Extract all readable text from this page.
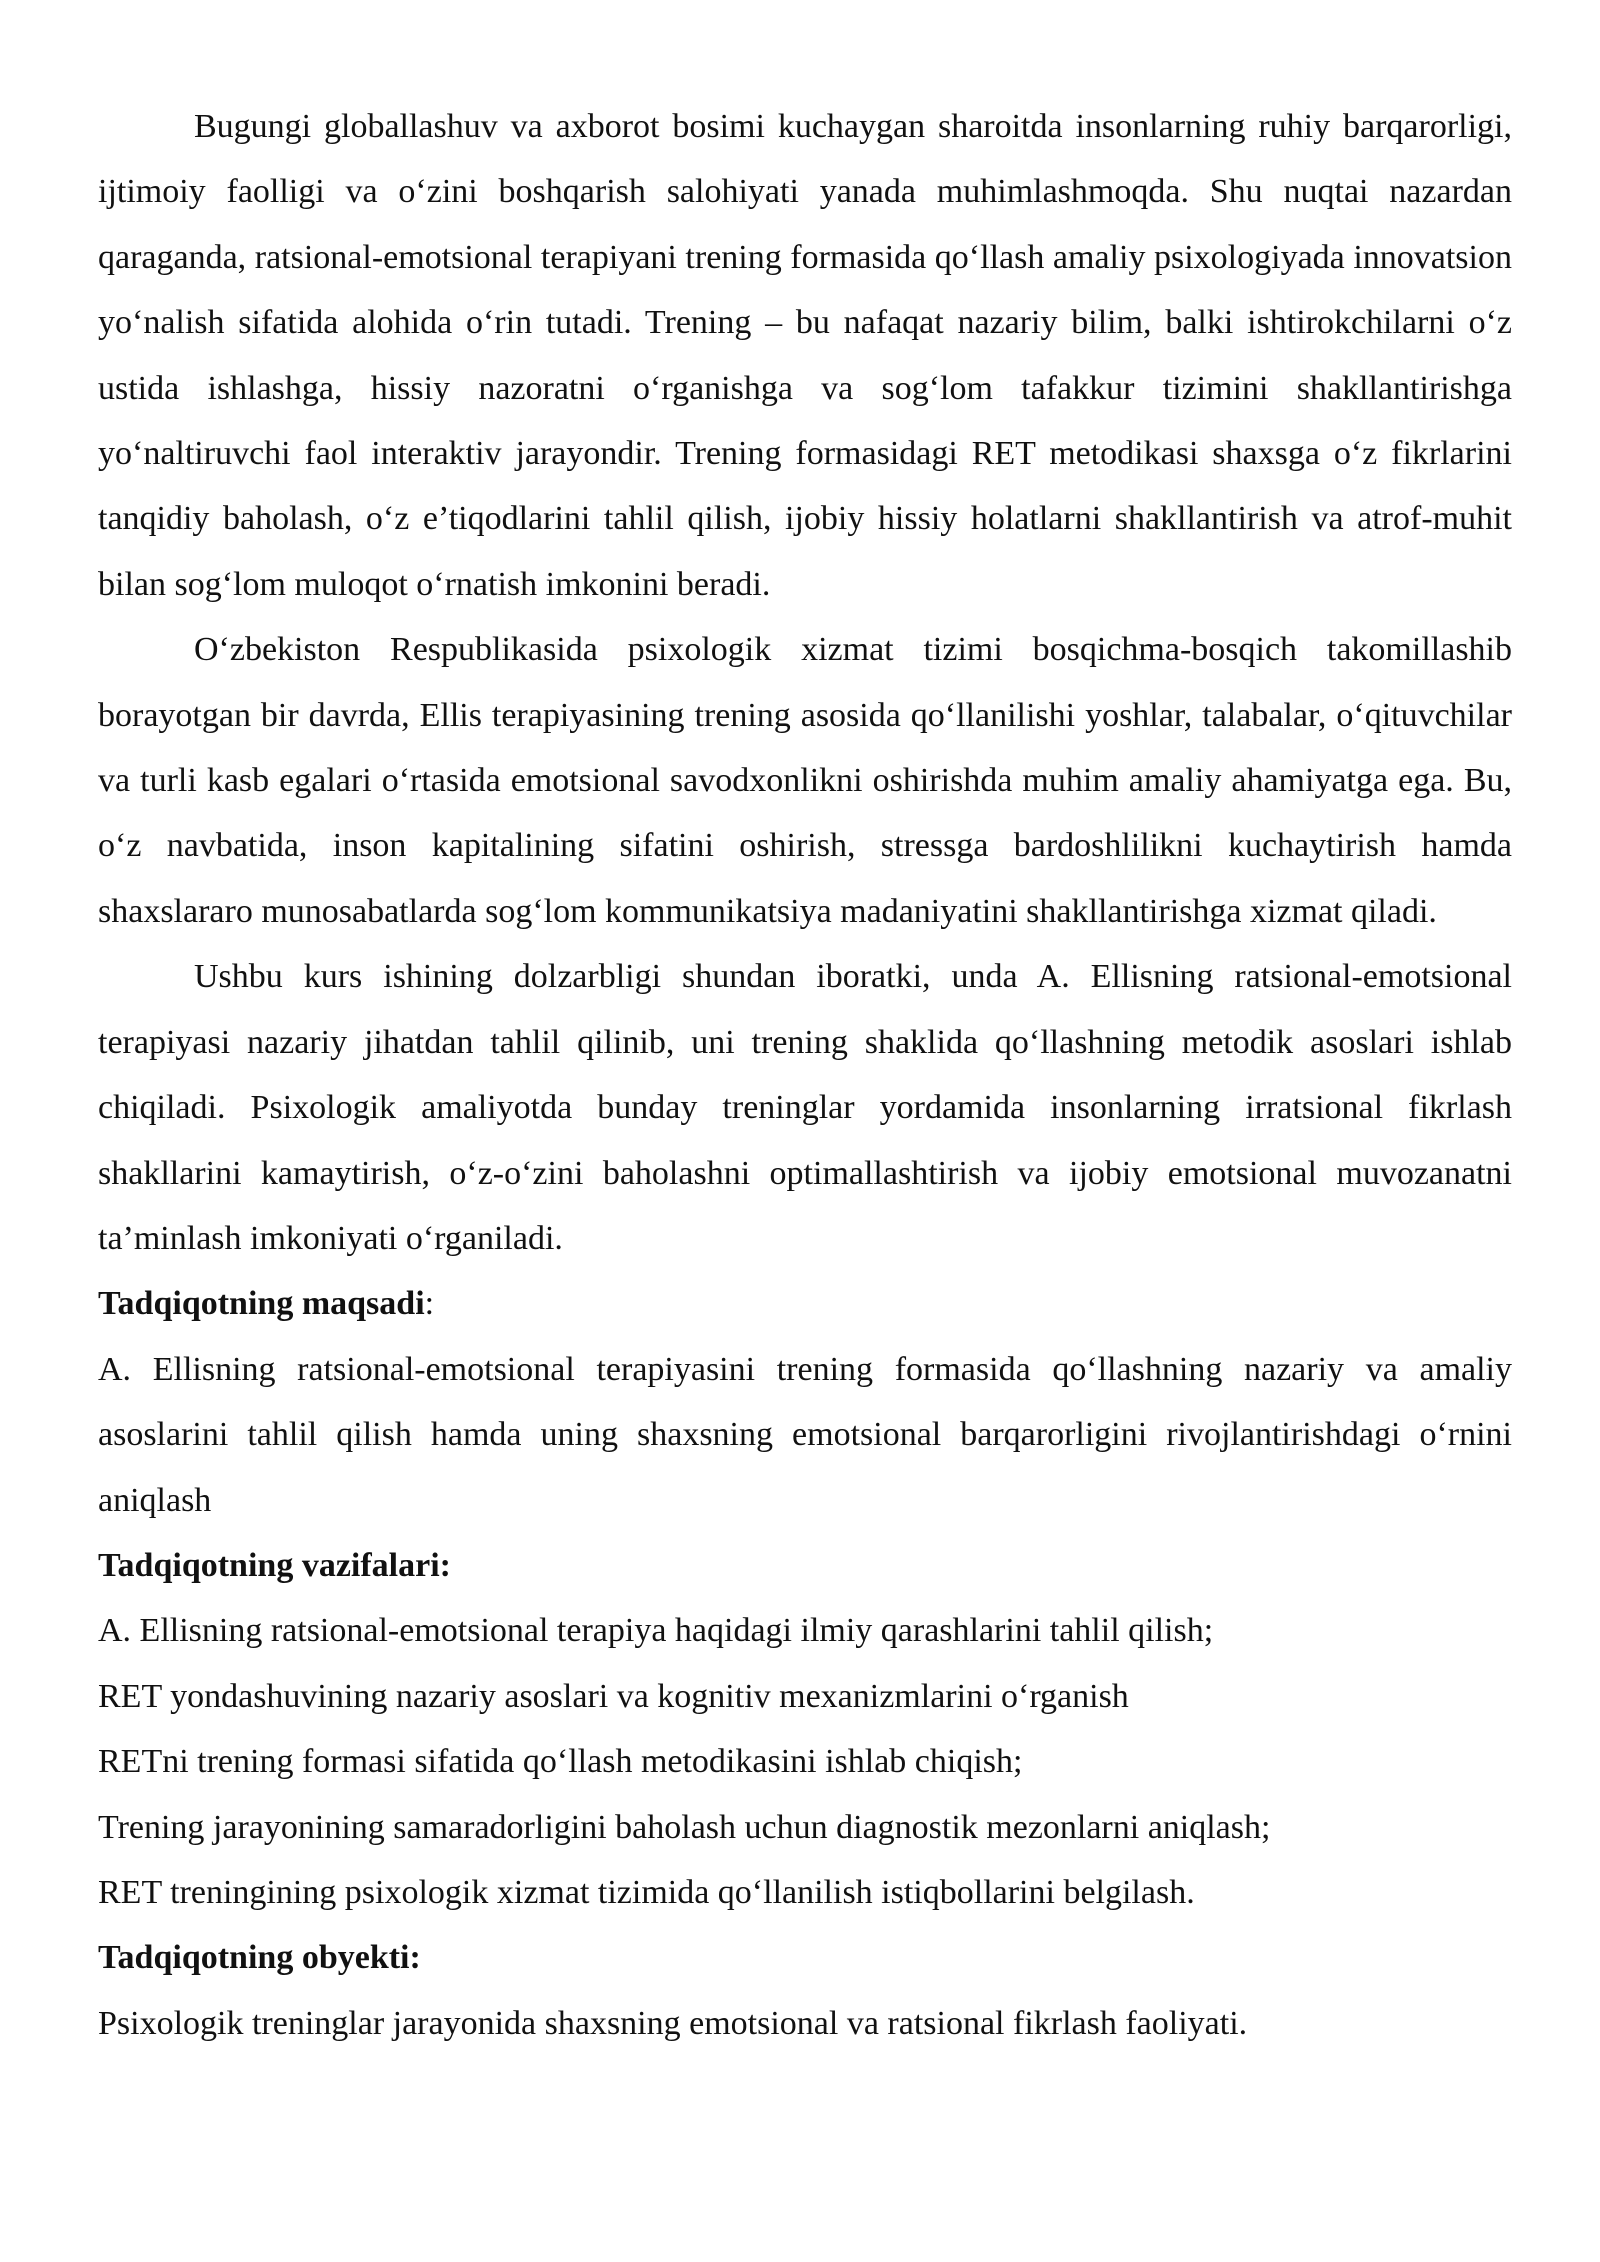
Bugungi globallashuv va axborot bosimi kuchaygan sharoitda insonlarning ruhiy barqarorligi, ijtimoiy faolligi va o‘zini boshqarish salohiyati yanada muhimlashmoqda. Shu nuqtai nazardan qaraganda, ratsional-emotsional terapiyani trening formasida qo‘llash amaliy psixologiyada innovatsion yo‘nalish sifatida alohida o‘rin tutadi. Trening – bu nafaqat nazariy bilim, balki ishtirokchilarni o‘z ustida ishlashga, hissiy nazoratni o‘rganishga va sog‘lom tafakkur tizimini shakllantirishga yo‘naltiruvchi faol interaktiv jarayondir. Trening formasidagi RET metodikasi shaxsga o‘z fikrlarini tanqidiy baholash, o‘z e’tiqodlarini tahlil qilish, ijobiy hissiy holatlarni shakllantirish va atrof-muhit bilan sog‘lom muloqot o‘rnatish imkonini beradi.

O‘zbekiston Respublikasida psixologik xizmat tizimi bosqichma-bosqich takomillashib borayotgan bir davrda, Ellis terapiyasining trening asosida qo‘llanilishi yoshlar, talabalar, o‘qituvchilar va turli kasb egalari o‘rtasida emotsional savodxonlikni oshirishda muhim amaliy ahamiyatga ega. Bu, o‘z navbatida, inson kapitalining sifatini oshirish, stressga bardoshlilikni kuchaytirish hamda shaxslararo munosabatlarda sog‘lom kommunikatsiya madaniyatini shakllantirishga xizmat qiladi.

Ushbu kurs ishining dolzarbligi shundan iboratki, unda A. Ellisning ratsional-emotsional terapiyasi nazariy jihatdan tahlil qilinib, uni trening shaklida qo‘llashning metodik asoslari ishlab chiqiladi. Psixologik amaliyotda bunday treninglar yordamida insonlarning irratsional fikrlash shakllarini kamaytirish, o‘z-o‘zini baholashni optimallashtirish va ijobiy emotsional muvozanatni ta’minlash imkoniyati o‘rganiladi.

Tadqiqotning maqsadi:

A. Ellisning ratsional-emotsional terapiyasini trening formasida qo‘llashning nazariy va amaliy asoslarini tahlil qilish hamda uning shaxsning emotsional barqarorligini rivojlantirishdagi o‘rnini aniqlash

Tadqiqotning vazifalari:

A. Ellisning ratsional-emotsional terapiya haqidagi ilmiy qarashlarini tahlil qilish;

RET yondashuvining nazariy asoslari va kognitiv mexanizmlarini o‘rganish

RETni trening formasi sifatida qo‘llash metodikasini ishlab chiqish;

Trening jarayonining samaradorligini baholash uchun diagnostik mezonlarni aniqlash;

RET treningining psixologik xizmat tizimida qo‘llanilish istiqbollarini belgilash.

Tadqiqotning obyekti:

Psixologik treninglar jarayonida shaxsning emotsional va ratsional fikrlash faoliyati.
